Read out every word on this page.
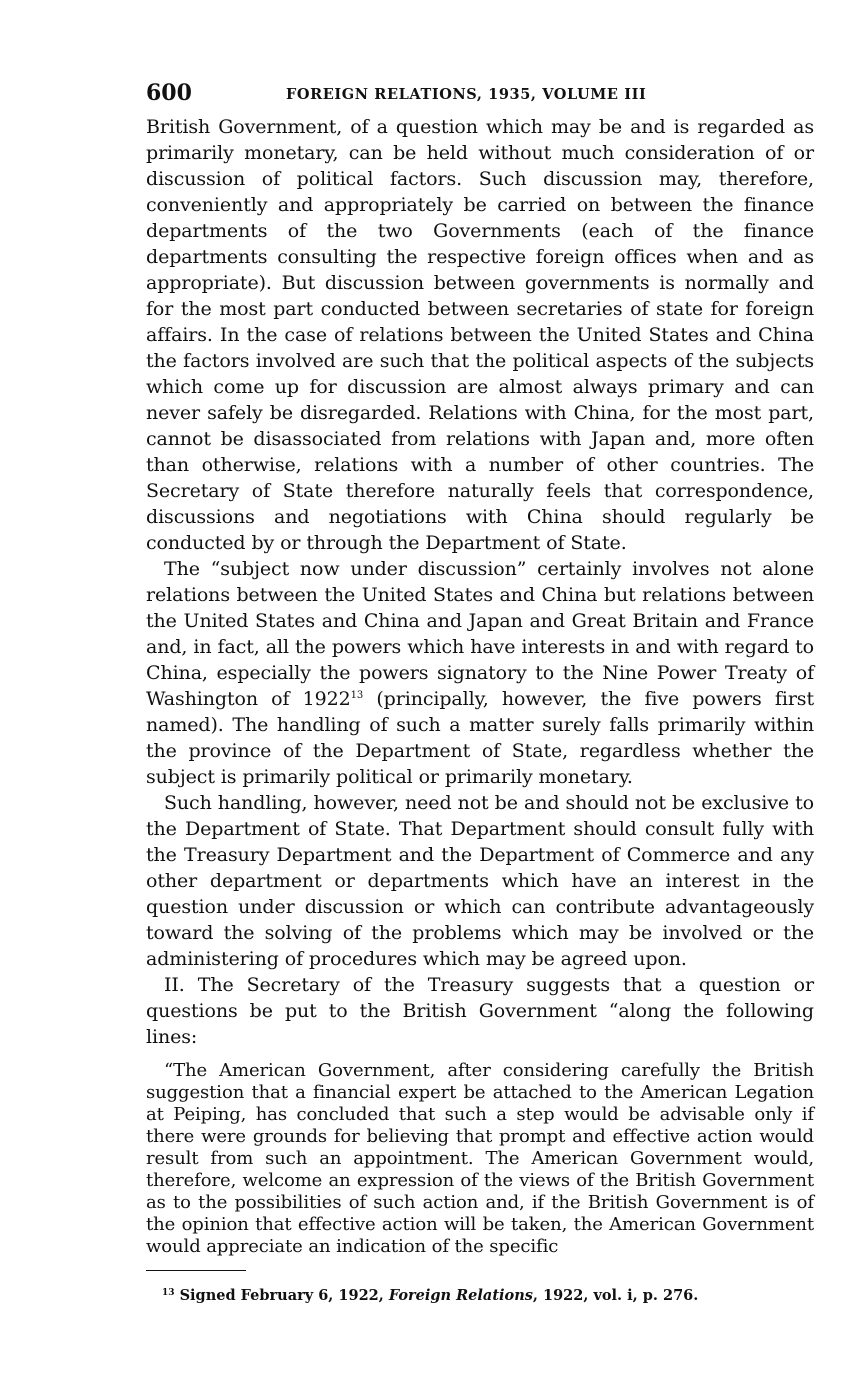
600	FOREIGN RELATIONS, 1935, VOLUME III

British Government, of a question which may be and is regarded as primarily monetary, can be held without much consideration of or discussion of political factors. Such discussion may, therefore, conveniently and appropriately be carried on between the finance departments of the two Governments (each of the finance departments consulting the respective foreign offices when and as appropriate). But discussion between governments is normally and for the most part conducted between secretaries of state for foreign affairs. In the case of relations between the United States and China the factors involved are such that the political aspects of the subjects which come up for discussion are almost always primary and can never safely be disregarded. Relations with China, for the most part, cannot be disassociated from relations with Japan and, more often than otherwise, relations with a number of other countries. The Secretary of State therefore naturally feels that correspondence, discussions and negotiations with China should regularly be conducted by or through the Department of State.

The “subject now under discussion” certainly involves not alone relations between the United States and China but relations between the United States and China and Japan and Great Britain and France and, in fact, all the powers which have interests in and with regard to China, especially the powers signatory to the Nine Power Treaty of Washington of 1922$^{13}$ (principally, however, the five powers first named). The handling of such a matter surely falls primarily within the province of the Department of State, regardless whether the subject is primarily political or primarily monetary.

Such handling, however, need not be and should not be exclusive to the Department of State. That Department should consult fully with the Treasury Department and the Department of Commerce and any other department or departments which have an interest in the question under discussion or which can contribute advantageously toward the solving of the problems which may be involved or the administering of procedures which may be agreed upon.

II. The Secretary of the Treasury suggests that a question or questions be put to the British Government “along the following lines:

“The American Government, after considering carefully the British suggestion that a financial expert be attached to the American Legation at Peiping, has concluded that such a step would be advisable only if there were grounds for believing that prompt and effective action would result from such an appointment. The American Government would, therefore, welcome an expression of the views of the British Government as to the possibilities of such action and, if the British Government is of the opinion that effective action will be taken, the American Government would appreciate an indication of the specific

$^{13}$ Signed February 6, 1922, Foreign Relations, 1922, vol. i, p. 276.
